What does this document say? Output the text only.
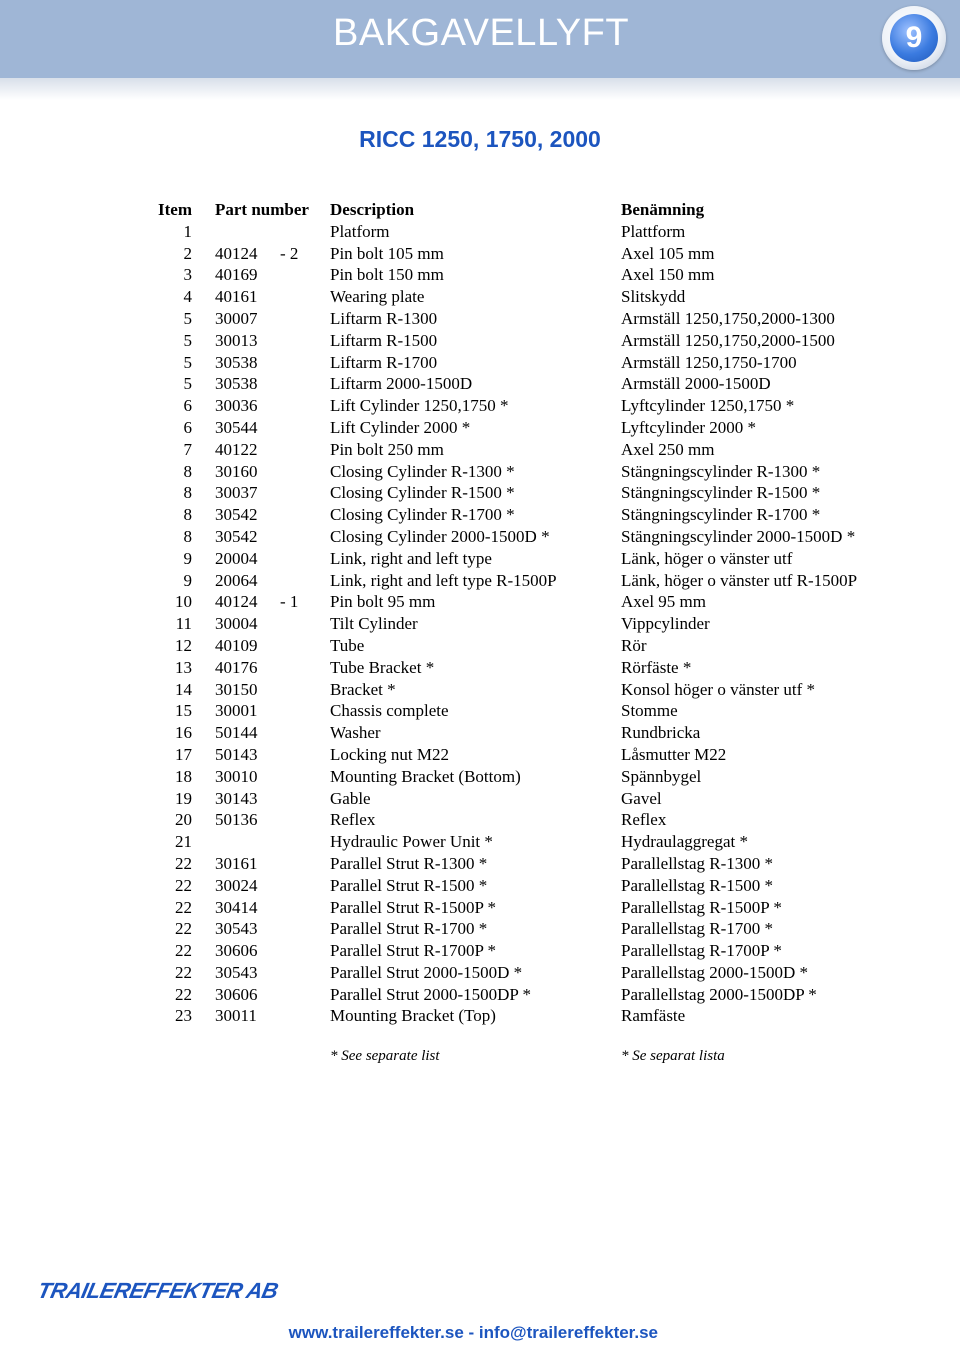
BAKGAVELLYFT	9
RICC 1250, 1750, 2000
Item Part number Description	Benämning
1	Platform	Plattform
2 40124 - 2 Pin bolt 105 mm	Axel 105 mm
3 40169	Pin bolt 150 mm	Axel 150 mm
4 40161	Wearing plate	Slitskydd
5 30007	Liftarm R-1300	Armställ 1250,1750,2000-1300
5 30013	Liftarm R-1500	Armställ 1250,1750,2000-1500
5 30538	Liftarm R-1700	Armställ 1250,1750-1700
5 30538	Liftarm 2000-1500D	Armställ 2000-1500D
6 30036	Lift Cylinder 1250,1750 *	Lyftcylinder 1250,1750 *
6 30544	Lift Cylinder 2000 *	Lyftcylinder 2000 *
7 40122	Pin bolt 250 mm	Axel 250 mm
8 30160	Closing Cylinder R-1300 *	Stängningscylinder R-1300 *
8 30037	Closing Cylinder R-1500 *	Stängningscylinder R-1500 *
8 30542	Closing Cylinder R-1700 *	Stängningscylinder R-1700 *
8 30542	Closing Cylinder 2000-1500D *	Stängningscylinder 2000-1500D *
9 20004	Link, right and left type	Länk, höger o vänster utf
9 20064	Link, right and left type R-1500P	Länk, höger o vänster utf R-1500P
10 40124 - 1 Pin bolt 95 mm	Axel 95 mm
11 30004	Tilt Cylinder	Vippcylinder
12 40109	Tube	Rör
13 40176	Tube Bracket *	Rörfäste *
14 30150	Bracket *	Konsol höger o vänster utf *
15 30001	Chassis complete	Stomme
16 50144	Washer	Rundbricka
17 50143	Locking nut M22	Låsmutter M22
18 30010	Mounting Bracket (Bottom)	Spännbygel
19 30143	Gable	Gavel
20 50136	Reflex	Reflex
21	Hydraulic Power Unit *	Hydraulaggregat *
22 30161	Parallel Strut R-1300 *	Parallellstag R-1300 *
22 30024	Parallel Strut R-1500 *	Parallellstag R-1500 *
22 30414	Parallel Strut R-1500P *	Parallellstag R-1500P *
22 30543	Parallel Strut R-1700 *	Parallellstag R-1700 *
22 30606	Parallel Strut R-1700P *	Parallellstag R-1700P *
22 30543	Parallel Strut 2000-1500D *	Parallellstag 2000-1500D *
22 30606	Parallel Strut 2000-1500DP *	Parallellstag 2000-1500DP *
23 30011	Mounting Bracket (Top)	Ramfäste
* See separate list	* Se separat lista
TRAILEREFFEKTER AB
www.trailereffekter.se - info@trailereffekter.se
